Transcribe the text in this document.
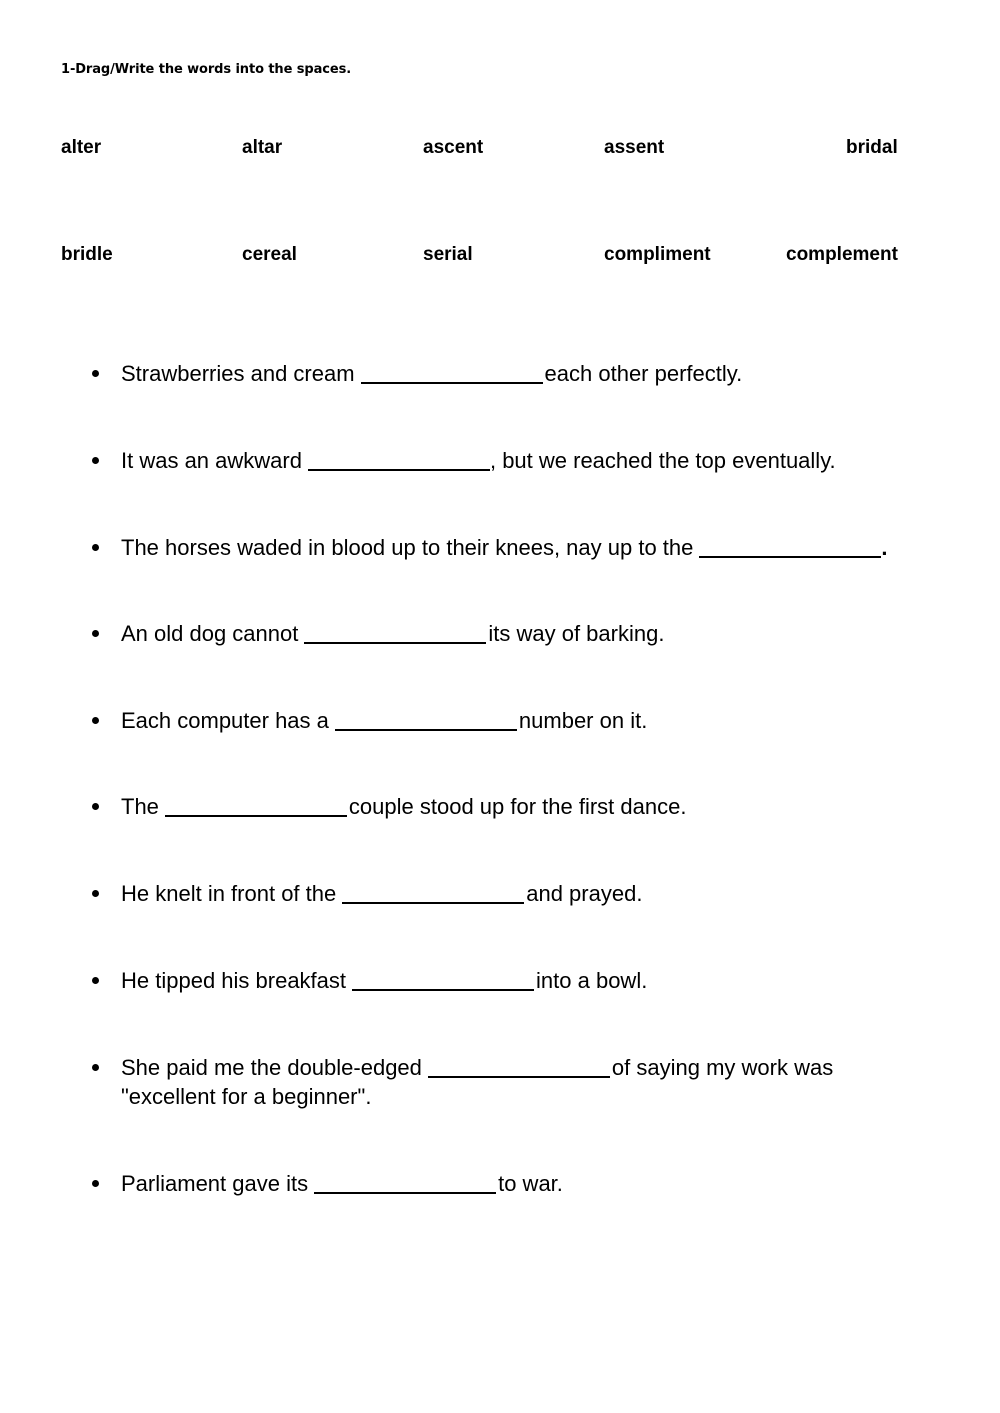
1-Drag/Write the words into the spaces.
alter	altar	ascent	assent	bridal
bridle	cereal	serial	compliment	complement
Strawberries and cream	each other perfectly.
It was an awkward	, but we reached the top eventually.
The horses waded in blood up to their knees, nay up to the	.
An old dog cannot	its way of barking.
Each computer has a	number on it.
The	couple stood up for the first dance.
He knelt in front of the	and prayed.
He tipped his breakfast	into a bowl.
She paid me the double-edged	of saying my work was
"excellent for a beginner".
Parliament gave its	to war.
